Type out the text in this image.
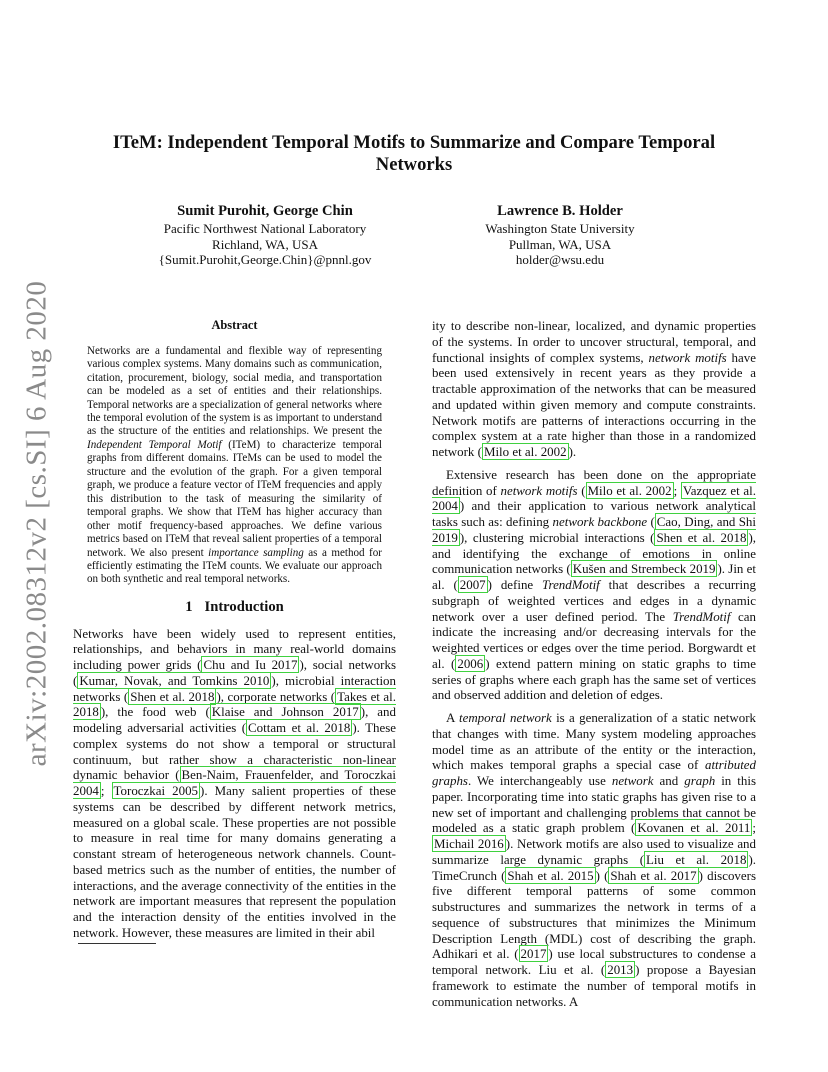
arXiv:2002.08312v2 [cs.SI] 6 Aug 2020
ITeM: Independent Temporal Motifs to Summarize and Compare Temporal Networks
Sumit Purohit, George Chin
Pacific Northwest National Laboratory
Richland, WA, USA
{Sumit.Purohit,George.Chin}@pnnl.gov
Lawrence B. Holder
Washington State University
Pullman, WA, USA
holder@wsu.edu
Abstract

Networks are a fundamental and flexible way of representing various complex systems. Many domains such as communication, citation, procurement, biology, social media, and transportation can be modeled as a set of entities and their relationships. Temporal networks are a specialization of general networks where the temporal evolution of the system is as important to understand as the structure of the entities and relationships. We present the Independent Temporal Motif (ITeM) to characterize temporal graphs from different domains. ITeMs can be used to model the structure and the evolution of the graph. For a given temporal graph, we produce a feature vector of ITeM frequencies and apply this distribution to the task of measuring the similarity of temporal graphs. We show that ITeM has higher accuracy than other motif frequency-based approaches. We define various metrics based on ITeM that reveal salient properties of a temporal network. We also present importance sampling as a method for efficiently estimating the ITeM counts. We evaluate our approach on both synthetic and real temporal networks.

1 Introduction

Networks have been widely used to represent entities, relationships, and behaviors in many real-world domains including power grids ( Chu and Iu 2017 ), social networks ( Kumar, Novak, and Tomkins 2010 ), microbial interaction networks ( Shen et al. 2018 ), corporate networks ( Takes et al. 2018 ), the food web ( Klaise and Johnson 2017 ), and modeling adversarial activities ( Cottam et al. 2018 ). These complex systems do not show a temporal or structural continuum, but rather show a characteristic non-linear dynamic behavior ( Ben-Naim, Frauenfelder, and Toroczkai 2004 ; Toroczkai 2005 ). Many salient properties of these systems can be described by different network metrics, measured on a global scale. These properties are not possible to measure in real time for many domains generating a constant stream of heterogeneous network channels. Count-based metrics such as the number of entities, the number of interactions, and the average connectivity of the entities in the network are important measures that represent the population and the interaction density of the entities involved in the network. However, these measures are limited in their abil

ity to describe non-linear, localized, and dynamic properties of the systems. In order to uncover structural, temporal, and functional insights of complex systems, network motifs have been used extensively in recent years as they provide a tractable approximation of the networks that can be measured and updated within given memory and compute constraints. Network motifs are patterns of interactions occurring in the complex system at a rate higher than those in a randomized network ( Milo et al. 2002 ).

Extensive research has been done on the appropriate definition of network motifs ( Milo et al. 2002 ; Vazquez et al. 2004 ) and their application to various network analytical tasks such as: defining network backbone ( Cao, Ding, and Shi 2019 ), clustering microbial interactions ( Shen et al. 2018 ), and identifying the exchange of emotions in online communication networks ( Kušen and Strembeck 2019 ). Jin et al. ( 2007 ) define TrendMotif that describes a recurring subgraph of weighted vertices and edges in a dynamic network over a user defined period. The TrendMotif can indicate the increasing and/or decreasing intervals for the weighted vertices or edges over the time period. Borgwardt et al. ( 2006 ) extend pattern mining on static graphs to time series of graphs where each graph has the same set of vertices and observed addition and deletion of edges.

A temporal network is a generalization of a static network that changes with time. Many system modeling approaches model time as an attribute of the entity or the interaction, which makes temporal graphs a special case of attributed graphs. We interchangeably use network and graph in this paper. Incorporating time into static graphs has given rise to a new set of important and challenging problems that cannot be modeled as a static graph problem ( Kovanen et al. 2011 ; Michail 2016 ). Network motifs are also used to visualize and summarize large dynamic graphs ( Liu et al. 2018 ). TimeCrunch ( Shah et al. 2015 ) ( Shah et al. 2017 ) discovers five different temporal patterns of some common substructures and summarizes the network in terms of a sequence of substructures that minimizes the Minimum Description Length (MDL) cost of describing the graph. Adhikari et al. ( 2017 ) use local substructures to condense a temporal network. Liu et al. ( 2013 ) propose a Bayesian framework to estimate the number of temporal motifs in communication networks. A
